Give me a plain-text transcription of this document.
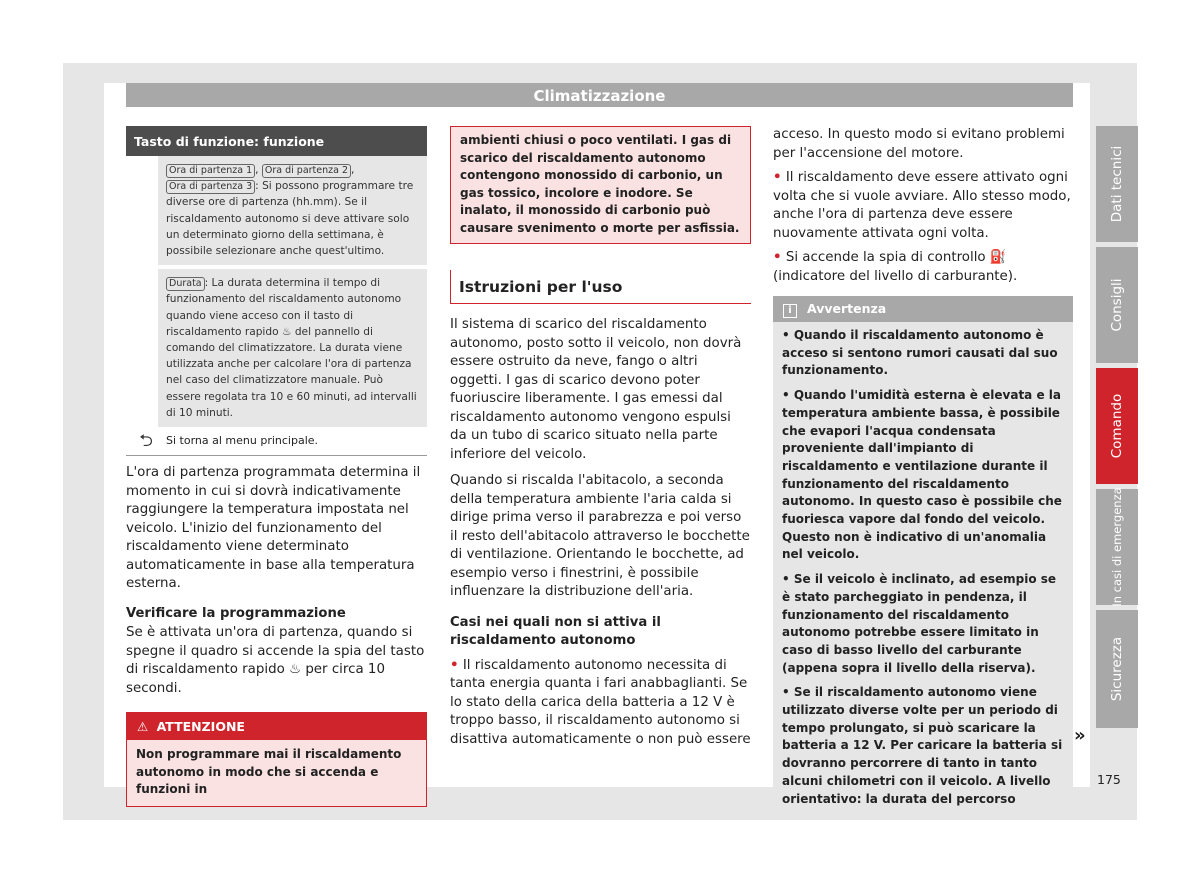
Climatizzazione
Tasto di funzione: funzione
Ora di partenza 1 , Ora di partenza 2 , Ora di partenza 3 : Si possono programmare tre diverse ore di partenza (hh.mm). Se il riscaldamento autonomo si deve attivare solo un determinato giorno della settimana, è possibile selezionare anche quest'ultimo.
Durata : La durata determina il tempo di funzionamento del riscaldamento autonomo quando viene acceso con il tasto di riscaldamento rapido ♨ del pannello di comando del climatizzatore. La durata viene utilizzata anche per calcolare l'ora di partenza nel caso del climatizzatore manuale. Può essere regolata tra 10 e 60 minuti, ad intervalli di 10 minuti.
⮌	Si torna al menu principale.

L'ora di partenza programmata determina il momento in cui si dovrà indicativamente raggiungere la temperatura impostata nel veicolo. L'inizio del funzionamento del riscaldamento viene determinato automaticamente in base alla temperatura esterna.

Verificare la programmazione

Se è attivata un'ora di partenza, quando si spegne il quadro si accende la spia del tasto di riscaldamento rapido ♨ per circa 10 secondi.

⚠ ATTENZIONE
Non programmare mai il riscaldamento autonomo in modo che si accenda e funzioni in
ambienti chiusi o poco ventilati. I gas di scarico del riscaldamento autonomo contengono monossido di carbonio, un gas tossico, incolore e inodore. Se inalato, il monossido di carbonio può causare svenimento o morte per asfissia.
Istruzioni per l'uso

Il sistema di scarico del riscaldamento autonomo, posto sotto il veicolo, non dovrà essere ostruito da neve, fango o altri oggetti. I gas di scarico devono poter fuoriuscire liberamente. I gas emessi dal riscaldamento autonomo vengono espulsi da un tubo di scarico situato nella parte inferiore del veicolo.

Quando si riscalda l'abitacolo, a seconda della temperatura ambiente l'aria calda si dirige prima verso il parabrezza e poi verso il resto dell'abitacolo attraverso le bocchette di ventilazione. Orientando le bocchette, ad esempio verso i finestrini, è possibile influenzare la distribuzione dell'aria.

Casi nei quali non si attiva il riscaldamento autonomo

• Il riscaldamento autonomo necessita di tanta energia quanta i fari anabbaglianti. Se lo stato della carica della batteria a 12 V è troppo basso, il riscaldamento autonomo si disattiva automaticamente o non può essere

acceso. In questo modo si evitano problemi per l'accensione del motore.

• Il riscaldamento deve essere attivato ogni volta che si vuole avviare. Allo stesso modo, anche l'ora di partenza deve essere nuovamente attivata ogni volta.

• Si accende la spia di controllo ⛽ (indicatore del livello di carburante).

i Avvertenza

• Quando il riscaldamento autonomo è acceso si sentono rumori causati dal suo funzionamento.

• Quando l'umidità esterna è elevata e la temperatura ambiente bassa, è possibile che evapori l'acqua condensata proveniente dall'impianto di riscaldamento e ventilazione durante il funzionamento del riscaldamento autonomo. In questo caso è possibile che fuoriesca vapore dal fondo del veicolo. Questo non è indicativo di un'anomalia nel veicolo.

• Se il veicolo è inclinato, ad esempio se è stato parcheggiato in pendenza, il funzionamento del riscaldamento autonomo potrebbe essere limitato in caso di basso livello del carburante (appena sopra il livello della riserva).

• Se il riscaldamento autonomo viene utilizzato diverse volte per un periodo di tempo prolungato, si può scaricare la batteria a 12 V. Per caricare la batteria si dovranno percorrere di tanto in tanto alcuni chilometri con il veicolo. A livello orientativo: la durata del percorso

»
Dati tecnici
Consigli
Comando
In casi di emergenza
Sicurezza
175
